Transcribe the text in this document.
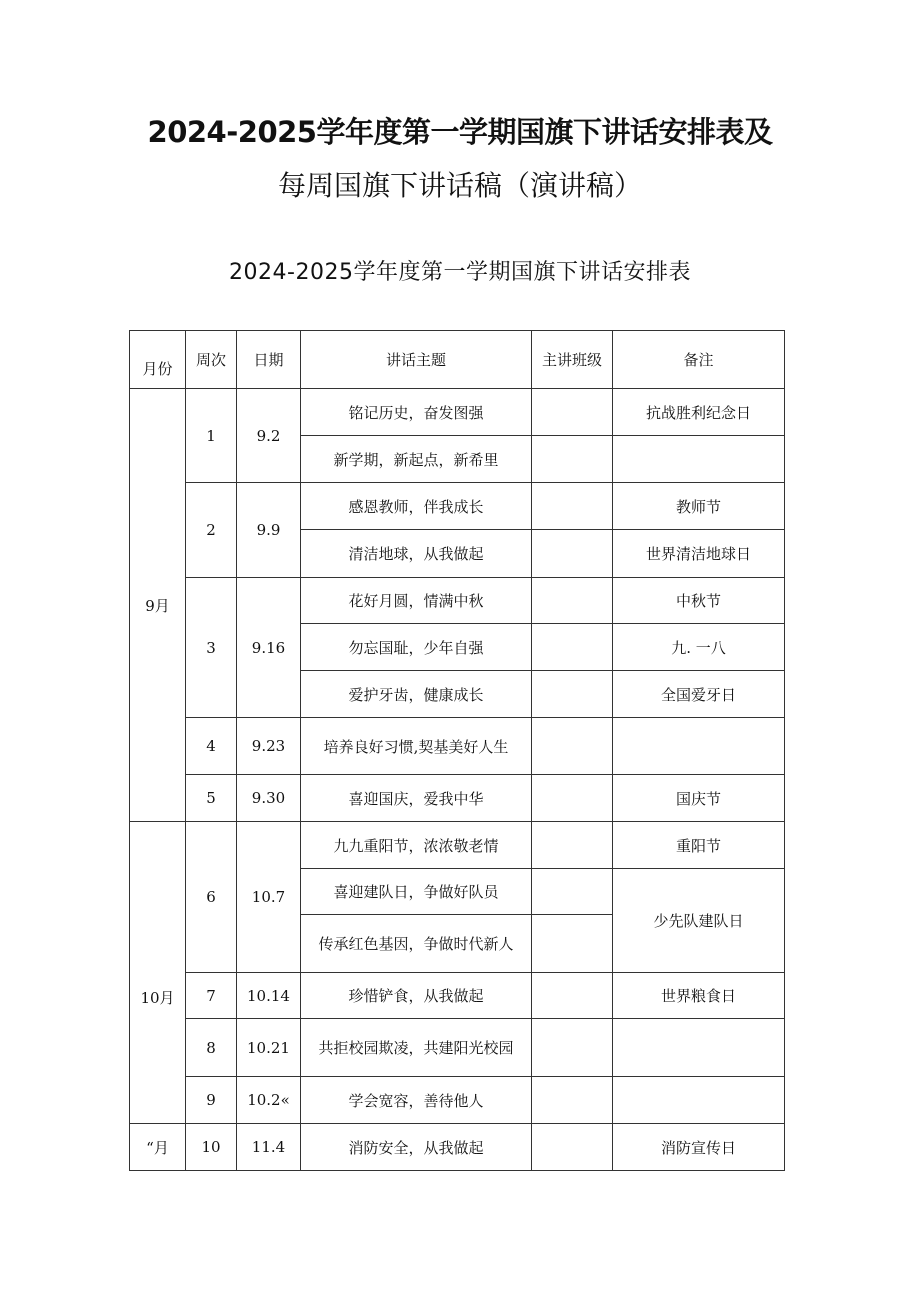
2024-2025学年度第一学期国旗下讲话安排表及
每周国旗下讲话稿（演讲稿）
2024-2025学年度第一学期国旗下讲话安排表
月份	周次	日期	讲话主题	主讲班级	备注
9月	1	9.2	铭记历史，奋发图强		抗战胜利纪念日
			新学期，新起点，新希里		
	2	9.9	感恩教师，伴我成长		教师节
			清洁地球，从我做起		世界清洁地球日
	3	9.16	花好月圆，情满中秋		中秋节
			勿忘国耻，少年自强		九. 一八
			爱护牙齿，健康成长		全国爱牙日
	4	9.23	培养良好习惯,契基美好人生		
	5	9.30	喜迎国庆，爱我中华		国庆节
10月	6	10.7	九九重阳节，浓浓敬老情		重阳节
			喜迎建队日，争做好队员		少先队建队日
			传承红色基因，争做时代新人		
	7	10.14	珍惜铲食，从我做起		世界粮食日
	8	10.21	共拒校园欺凌，共建阳光校园		
	9	10.2«	学会宽容，善待他人		
“月	10	11.4	消防安全，从我做起		消防宣传日
